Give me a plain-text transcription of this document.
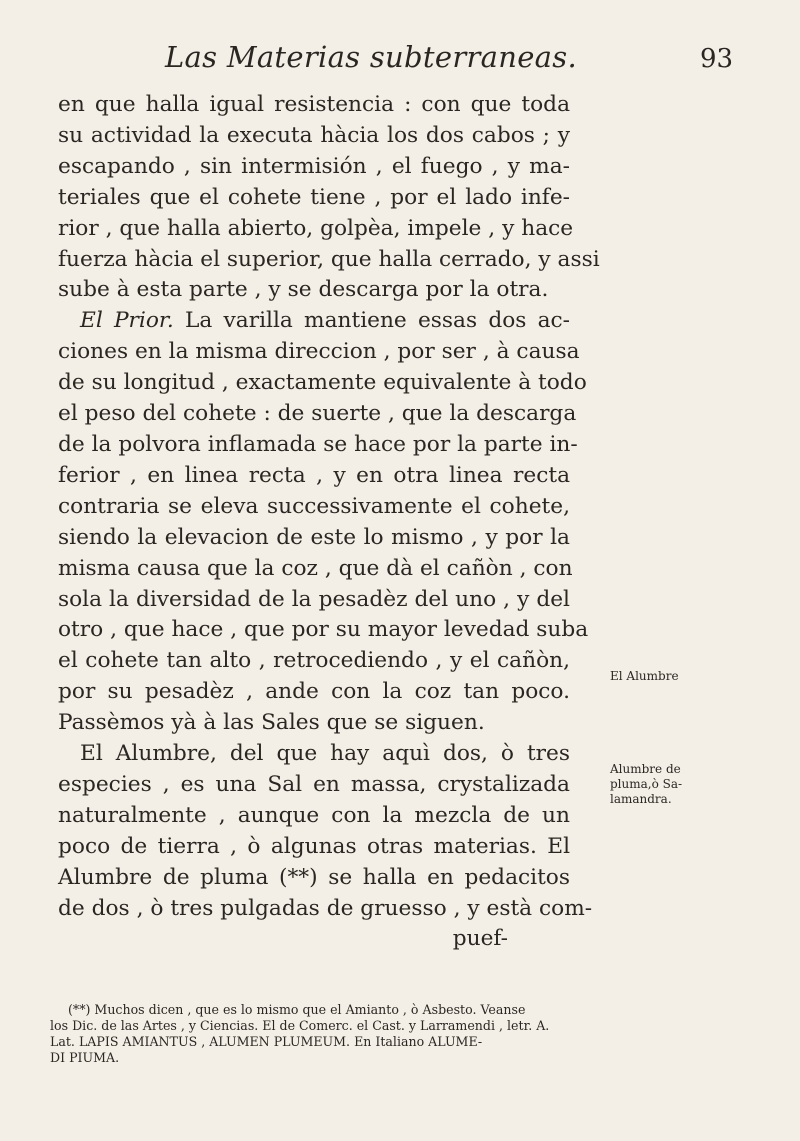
Las Materias subterraneas.	93
en que halla igual resistencia : con que toda
su actividad la executa hàcia los dos cabos ; y
escapando , sin intermisión , el fuego , y ma-
teriales que el cohete tiene , por el lado infe-
rior , que halla abierto, golpèa, impele , y hace
fuerza hàcia el superior, que halla cerrado, y assi
sube à esta parte , y se descarga por la otra.
El Prior. La varilla mantiene essas dos ac-
ciones en la misma direccion , por ser , à causa
de su longitud , exactamente equivalente à todo
el peso del cohete : de suerte , que la descarga
de la polvora inflamada se hace por la parte in-
ferior , en linea recta , y en otra linea recta
contraria se eleva successivamente el cohete,
siendo la elevacion de este lo mismo , y por la
misma causa que la coz , que dà el cañòn , con
sola la diversidad de la pesadèz del uno , y del
otro , que hace , que por su mayor levedad suba
el cohete tan alto , retrocediendo , y el cañòn,
por su pesadèz , ande con la coz tan poco.
Passèmos yà à las Sales que se siguen.
El Alumbre, del que hay aquì dos, ò tres
especies , es una Sal en massa, crystalizada
naturalmente , aunque con la mezcla de un
poco de tierra , ò algunas otras materias. El
Alumbre de pluma (**) se halla en pedacitos
de dos , ò tres pulgadas de gruesso , y està com-
puef-
El Alumbre
Alumbre de
pluma,ò Sa-
lamandra.
(**) Muchos dicen , que es lo mismo que el Amianto , ò Asbesto. Veanse
los Dic. de las Artes , y Ciencias. El de Comerc. el Cast. y Larramendi , letr. A.
Lat. LAPIS AMIANTUS , ALUMEN PLUMEUM. En Italiano ALUME-
DI PIUMA.
